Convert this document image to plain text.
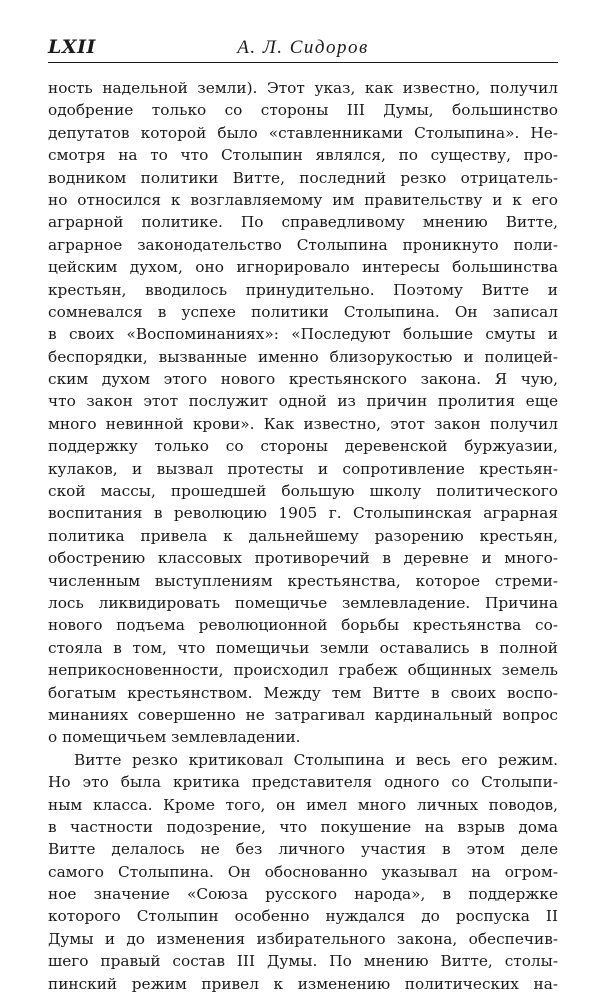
LXII	А. Л. Сидоров
ность надельной земли). Этот указ, как известно, получил
одобрение только со стороны III Думы, большинство
депутатов которой было «ставленниками Столыпина». Не-
смотря на то что Столыпин являлся, по существу, про-
водником политики Витте, последний резко отрицатель-
но относился к возглавляемому им правительству и к его
аграрной политике. По справедливому мнению Витте,
аграрное законодательство Столыпина проникнуто поли-
цейским духом, оно игнорировало интересы большинства
крестьян, вводилось принудительно. Поэтому Витте и
сомневался в успехе политики Столыпина. Он записал
в своих «Воспоминаниях»: «Последуют большие смуты и
беспорядки, вызванные именно близорукостью и полицей-
ским духом этого нового крестьянского закона. Я чую,
что закон этот послужит одной из причин пролития еще
много невинной крови». Как известно, этот закон получил
поддержку только со стороны деревенской буржуазии,
кулаков, и вызвал протесты и сопротивление крестьян-
ской массы, прошедшей большую школу политического
воспитания в революцию 1905 г. Столыпинская аграрная
политика привела к дальнейшему разорению крестьян,
обострению классовых противоречий в деревне и много-
численным выступлениям крестьянства, которое стреми-
лось ликвидировать помещичье землевладение. Причина
нового подъема революционной борьбы крестьянства со-
стояла в том, что помещичьи земли оставались в полной
неприкосновенности, происходил грабеж общинных земель
богатым крестьянством. Между тем Витте в своих воспо-
минаниях совершенно не затрагивал кардинальный вопрос
о помещичьем землевладении.
Витте резко критиковал Столыпина и весь его режим.
Но это была критика представителя одного со Столыпи-
ным класса. Кроме того, он имел много личных поводов,
в частности подозрение, что покушение на взрыв дома
Витте делалось не без личного участия в этом деле
самого Столыпина. Он обоснованно указывал на огром-
ное значение «Союза русского народа», в поддержке
которого Столыпин особенно нуждался до роспуска II
Думы и до изменения избирательного закона, обеспечив-
шего правый состав III Думы. По мнению Витте, столы-
пинский режим привел к изменению политических на-
